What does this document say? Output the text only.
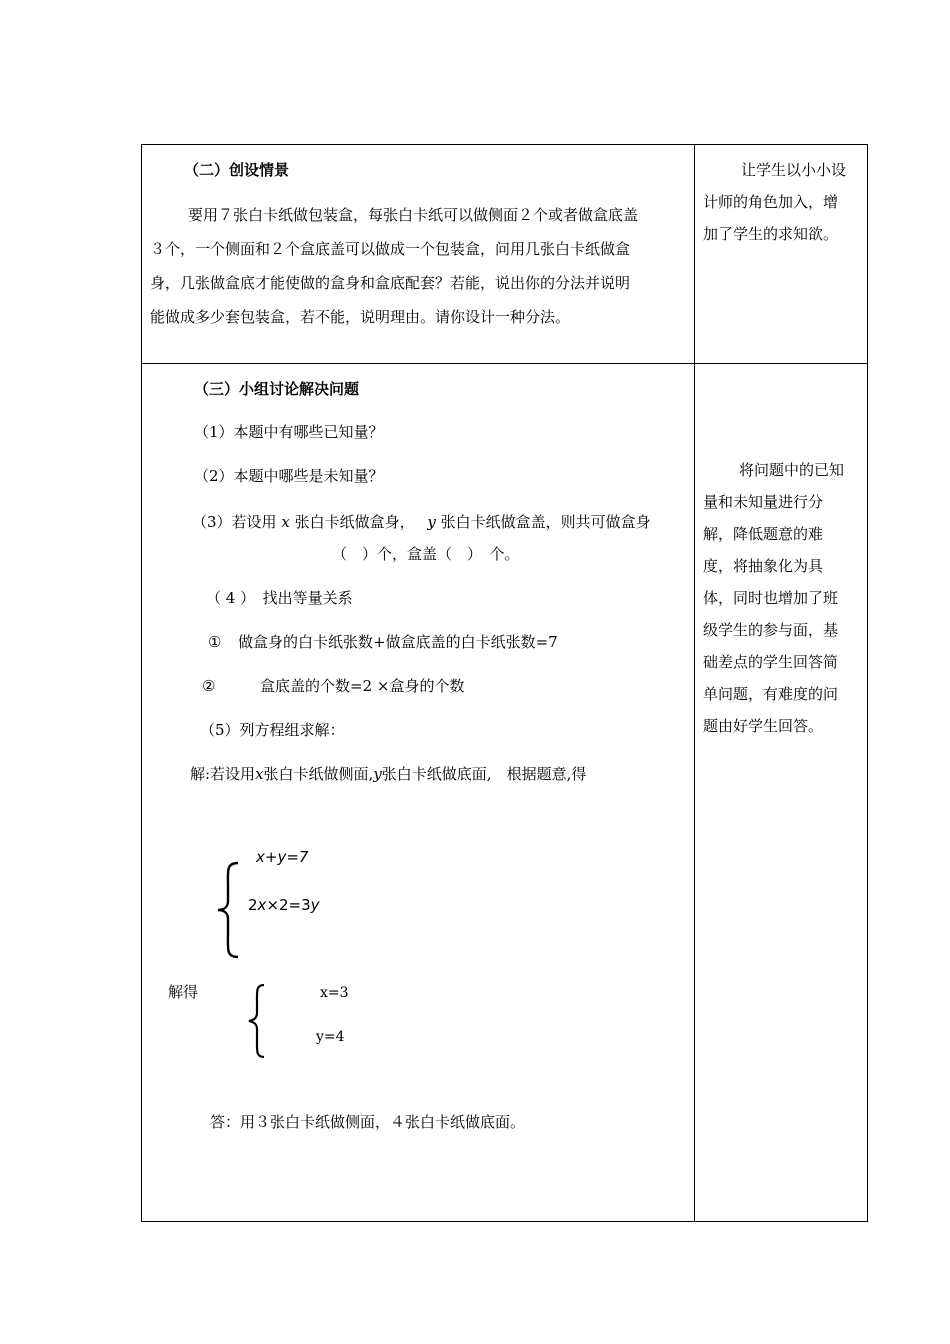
（二）创设情景
要用７张白卡纸做包装盒，每张白卡纸可以做侧面２个或者做盒底盖
３个，一个侧面和２个盒底盖可以做成一个包装盒，问用几张白卡纸做盒
身，几张做盒底才能使做的盒身和盒底配套？若能，说出你的分法并说明
能做成多少套包装盒，若不能，说明理由。请你设计一种分法。
让学生以小小设
计师的角色加入，增
加了学生的求知欲。
（三）小组讨论解决问题
（1）本题中有哪些已知量？
（2）本题中哪些是未知量？
（3）若设用 x 张白卡纸做盒身， y 张白卡纸做盒盖，则共可做盒身
（　）个，盒盖（　）　个。
（ 4 ）　找出等量关系
① 做盒身的白卡纸张数+做盒底盖的白卡纸张数=7
②	盒底盖的个数=2 ×盒身的个数
（5）列方程组求解：
解:若设用x张白卡纸做侧面,y张白卡纸做底面,　根据题意,得
x+y=7
2x×2=3y
解得	x=3
y=4
答：用３张白卡纸做侧面，４张白卡纸做底面。
将问题中的已知
量和未知量进行分
解，降低题意的难
度，将抽象化为具
体，同时也增加了班
级学生的参与面，基
础差点的学生回答简
单问题，有难度的问
题由好学生回答。
